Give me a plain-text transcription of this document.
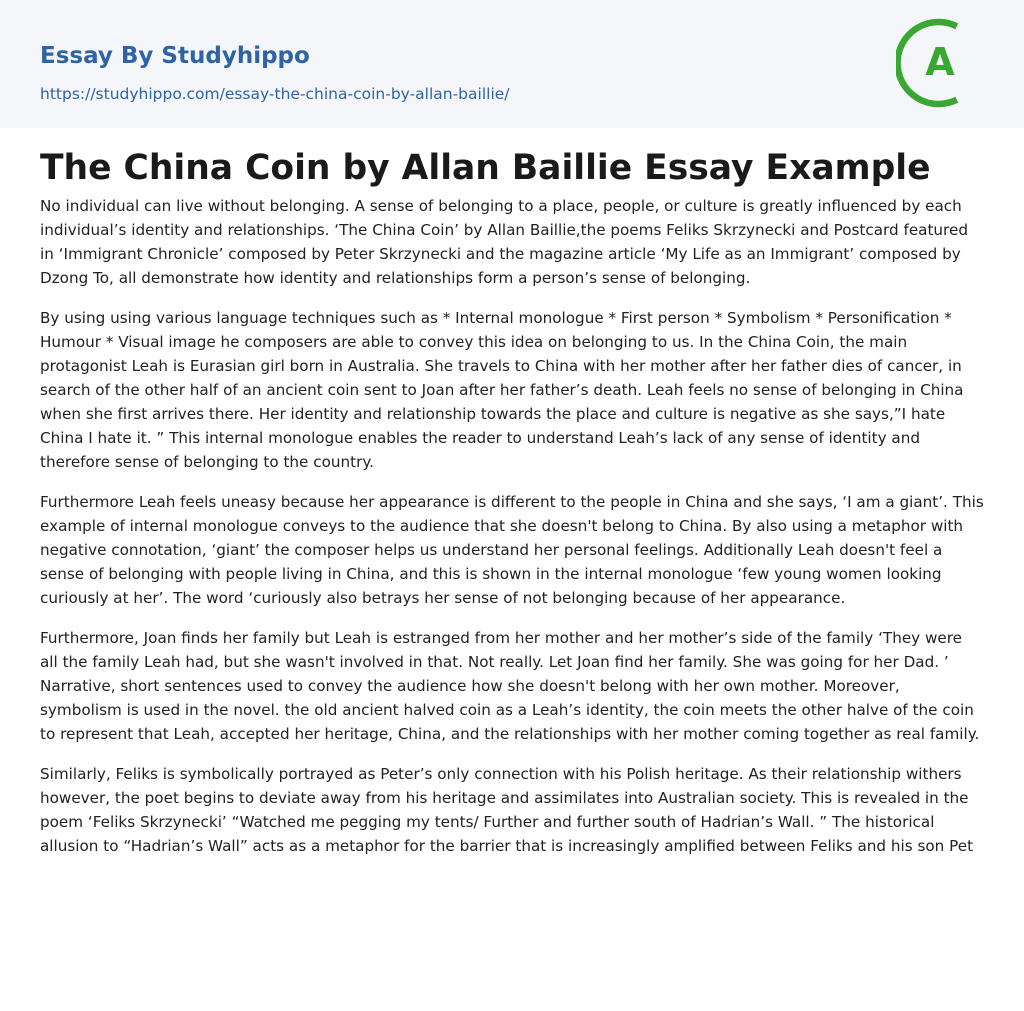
Essay By Studyhippo
https://studyhippo.com/essay-the-china-coin-by-allan-baillie/
A
The China Coin by Allan Baillie Essay Example

No individual can live without belonging. A sense of belonging to a place, people, or culture is greatly influenced by each individual’s identity and relationships. ‘The China Coin’ by Allan Baillie,the poems Feliks Skrzynecki and Postcard featured in ‘Immigrant Chronicle’ composed by Peter Skrzynecki and the magazine article ‘My Life as an Immigrant’ composed by Dzong To, all demonstrate how identity and relationships form a person’s sense of belonging.

By using using various language techniques such as * Internal monologue * First person * Symbolism * Personification * Humour * Visual image he composers are able to convey this idea on belonging to us. In the China Coin, the main protagonist Leah is Eurasian girl born in Australia. She travels to China with her mother after her father dies of cancer, in search of the other half of an ancient coin sent to Joan after her father’s death. Leah feels no sense of belonging in China when she first arrives there. Her identity and relationship towards the place and culture is negative as she says,”I hate China I hate it. ” This internal monologue enables the reader to understand Leah’s lack of any sense of identity and therefore sense of belonging to the country.

Furthermore Leah feels uneasy because her appearance is different to the people in China and she says, ‘I am a giant’. This example of internal monologue conveys to the audience that she doesn't belong to China. By also using a metaphor with negative connotation, ‘giant’ the composer helps us understand her personal feelings. Additionally Leah doesn't feel a sense of belonging with people living in China, and this is shown in the internal monologue ‘few young women looking curiously at her’. The word ‘curiously also betrays her sense of not belonging because of her appearance.

Furthermore, Joan finds her family but Leah is estranged from her mother and her mother’s side of the family ‘They were all the family Leah had, but she wasn't involved in that. Not really. Let Joan find her family. She was going for her Dad. ’ Narrative, short sentences used to convey the audience how she doesn't belong with her own mother. Moreover, symbolism is used in the novel. the old ancient halved coin as a Leah’s identity, the coin meets the other halve of the coin to represent that Leah, accepted her heritage, China, and the relationships with her mother coming together as real family.

Similarly, Feliks is symbolically portrayed as Peter’s only connection with his Polish heritage. As their relationship withers however, the poet begins to deviate away from his heritage and assimilates into Australian society. This is revealed in the poem ‘Feliks Skrzynecki’ “Watched me pegging my tents/ Further and further south of Hadrian’s Wall. ” The historical allusion to “Hadrian’s Wall” acts as a metaphor for the barrier that is increasingly amplified between Feliks and his son Pet
